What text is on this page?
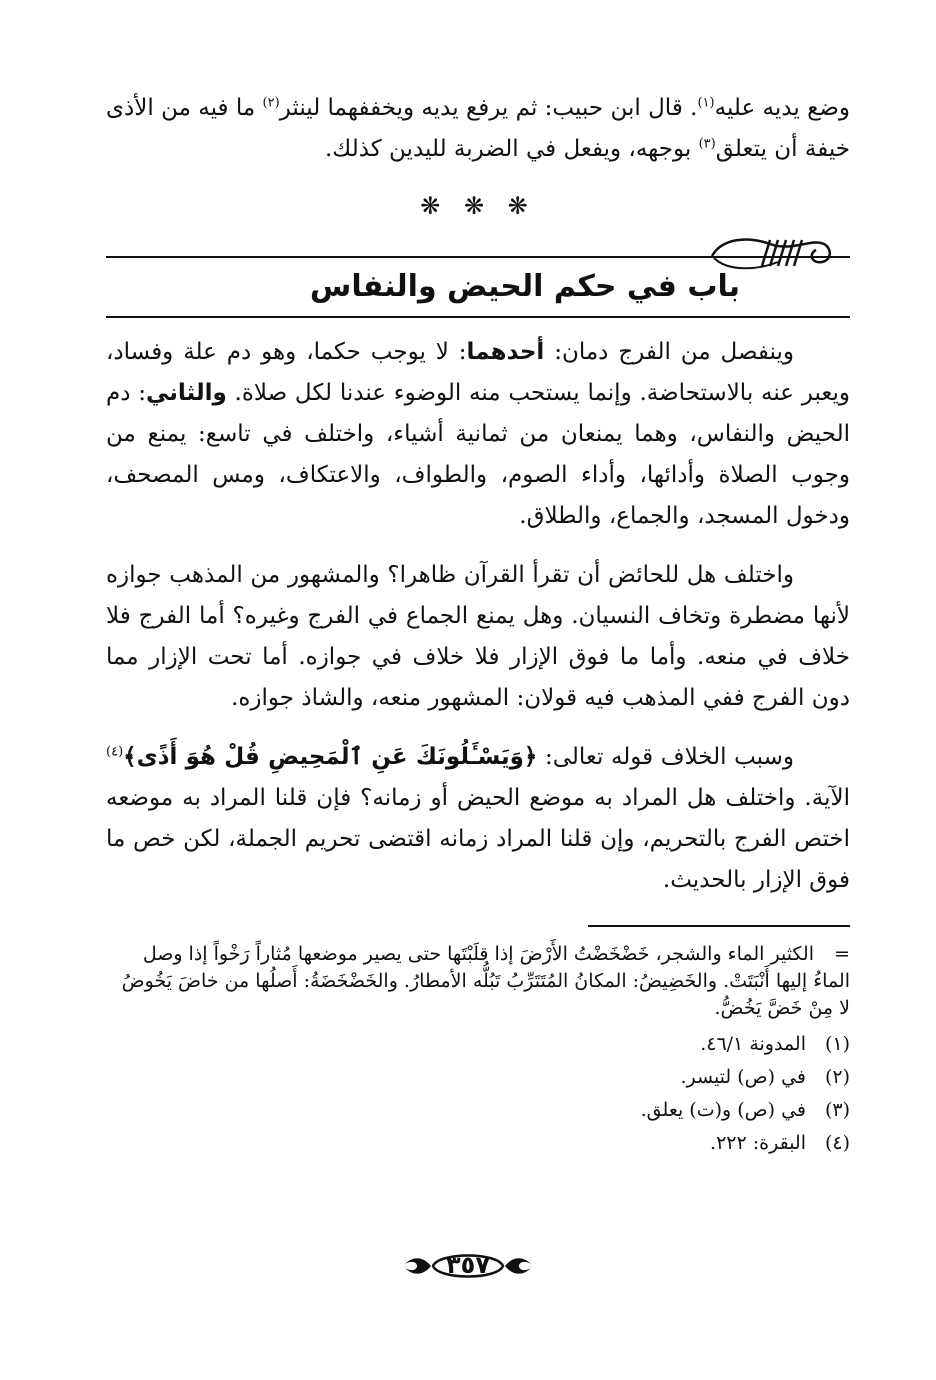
وضع يديه عليه$^{(١)}$. قال ابن حبيب: ثم يرفع يديه ويخففهما لينثر$^{(٢)}$ ما فيه من الأذى خيفة أن يتعلق$^{(٣)}$ بوجهه، ويفعل في الضربة لليدين كذلك.

❋ ❋ ❋
باب في حكم الحيض والنفاس

وينفصل من الفرج دمان: أحدهما: لا يوجب حكما، وهو دم علة وفساد، ويعبر عنه بالاستحاضة. وإنما يستحب منه الوضوء عندنا لكل صلاة. والثاني: دم الحيض والنفاس، وهما يمنعان من ثمانية أشياء، واختلف في تاسع: يمنع من وجوب الصلاة وأدائها، وأداء الصوم، والطواف، والاعتكاف، ومس المصحف، ودخول المسجد، والجماع، والطلاق.

واختلف هل للحائض أن تقرأ القرآن ظاهرا؟ والمشهور من المذهب جوازه لأنها مضطرة وتخاف النسيان. وهل يمنع الجماع في الفرج وغيره؟ أما الفرج فلا خلاف في منعه. وأما ما فوق الإزار فلا خلاف في جوازه. أما تحت الإزار مما دون الفرج ففي المذهب فيه قولان: المشهور منعه، والشاذ جوازه.

وسبب الخلاف قوله تعالى: ﴿وَيَسْـَٔلُونَكَ عَنِ ٱلْمَحِيضِ قُلْ هُوَ أَذًى﴾$^{(٤)}$ الآية. واختلف هل المراد به موضع الحيض أو زمانه؟ فإن قلنا المراد به موضعه اختص الفرج بالتحريم، وإن قلنا المراد زمانه اقتضى تحريم الجملة، لكن خص ما فوق الإزار بالحديث.

=الكثير الماء والشجر، خَضْخَضْتُ الأَرْضَ إذا قلَبْتَها حتى يصير موضعها مُثاراً رَخْواً إذا وصل الماءُ إليها أَنْبَتَتْ. والخَضِيضُ: المكانُ المُتَتَرِّبُ تَبُلُّه الأمطارُ. والخَضْخَضَةُ: أَصلُها من خاضَ يَخُوضُ لا مِنْ خَضَّ يَخُضُّ.

(١)المدونة ٤٦/١.

(٢)في (ص) لتيسر.

(٣)في (ص) و(ت) يعلق.

(٤)البقرة: ٢٢٢.

٣٥٧
